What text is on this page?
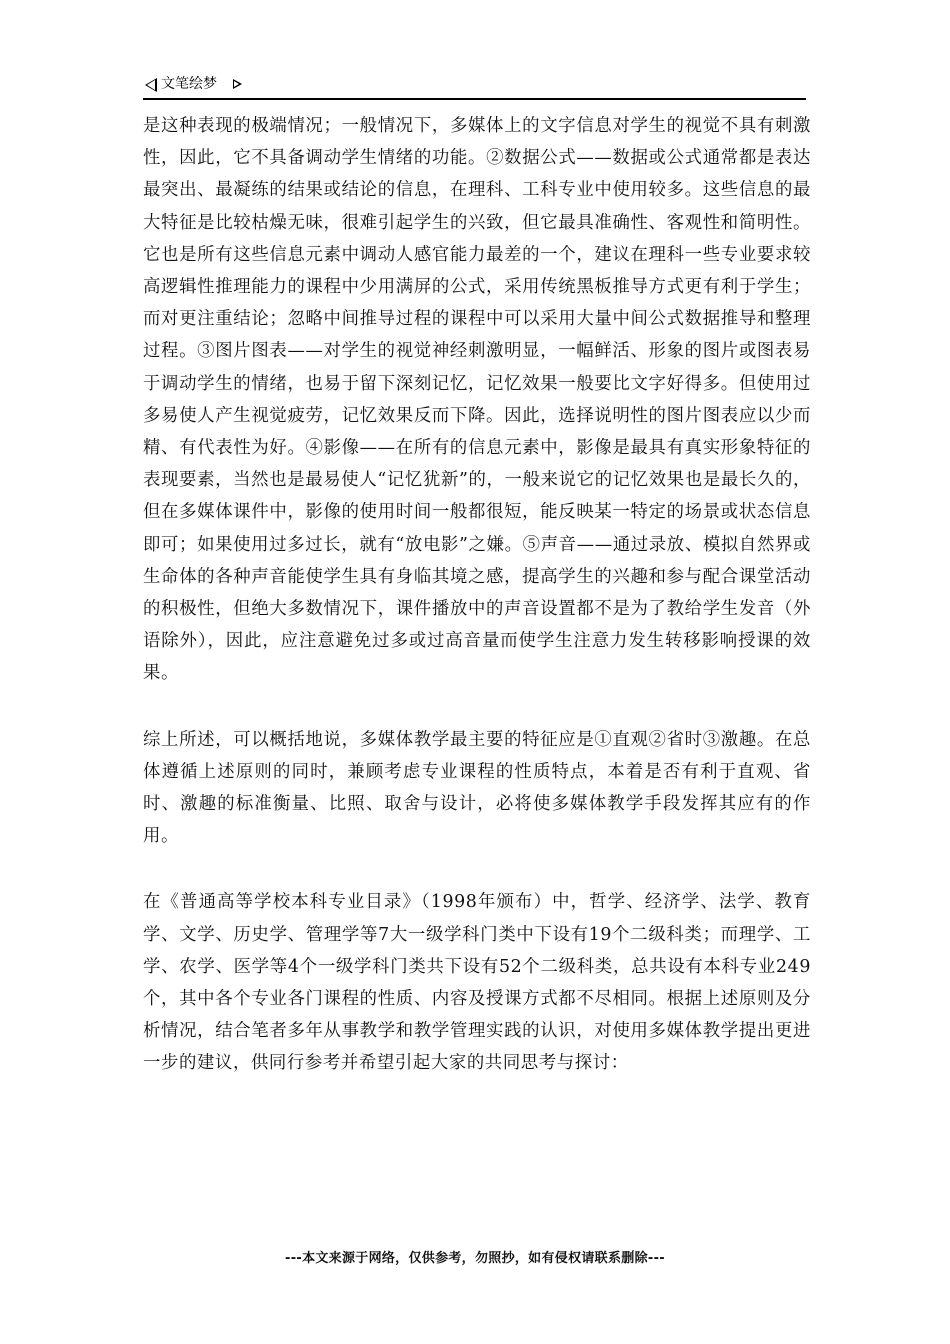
文笔绘梦

是这种表现的极端情况；一般情况下，多媒体上的文字信息对学生的视觉不具有刺激性，因此，它不具备调动学生情绪的功能。②数据公式——数据或公式通常都是表达最突出、最凝练的结果或结论的信息，在理科、工科专业中使用较多。这些信息的最大特征是比较枯燥无味，很难引起学生的兴致，但它最具准确性、客观性和简明性。它也是所有这些信息元素中调动人感官能力最差的一个，建议在理科一些专业要求较高逻辑性推理能力的课程中少用满屏的公式，采用传统黑板推导方式更有利于学生；而对更注重结论；忽略中间推导过程的课程中可以采用大量中间公式数据推导和整理过程。③图片图表——对学生的视觉神经刺激明显，一幅鲜活、形象的图片或图表易于调动学生的情绪，也易于留下深刻记忆，记忆效果一般要比文字好得多。但使用过多易使人产生视觉疲劳，记忆效果反而下降。因此，选择说明性的图片图表应以少而精、有代表性为好。④影像——在所有的信息元素中，影像是最具有真实形象特征的表现要素，当然也是最易使人“记忆犹新”的，一般来说它的记忆效果也是最长久的，但在多媒体课件中，影像的使用时间一般都很短，能反映某一特定的场景或状态信息即可；如果使用过多过长，就有“放电影”之嫌。⑤声音——通过录放、模拟自然界或生命体的各种声音能使学生具有身临其境之感，提高学生的兴趣和参与配合课堂活动的积极性，但绝大多数情况下，课件播放中的声音设置都不是为了教给学生发音（外语除外），因此，应注意避免过多或过高音量而使学生注意力发生转移影响授课的效果。

综上所述，可以概括地说，多媒体教学最主要的特征应是①直观②省时③激趣。在总体遵循上述原则的同时，兼顾考虑专业课程的性质特点，本着是否有利于直观、省时、激趣的标准衡量、比照、取舍与设计，必将使多媒体教学手段发挥其应有的作用。

在《普通高等学校本科专业目录》（1998年颁布）中，哲学、经济学、法学、教育学、文学、历史学、管理学等7大一级学科门类中下设有19个二级科类；而理学、工学、农学、医学等4个一级学科门类共下设有52个二级科类，总共设有本科专业249个，其中各个专业各门课程的性质、内容及授课方式都不尽相同。根据上述原则及分析情况，结合笔者多年从事教学和教学管理实践的认识，对使用多媒体教学提出更进一步的建议，供同行参考并希望引起大家的共同思考与探讨：

---本文来源于网络，仅供参考，勿照抄，如有侵权请联系删除---
